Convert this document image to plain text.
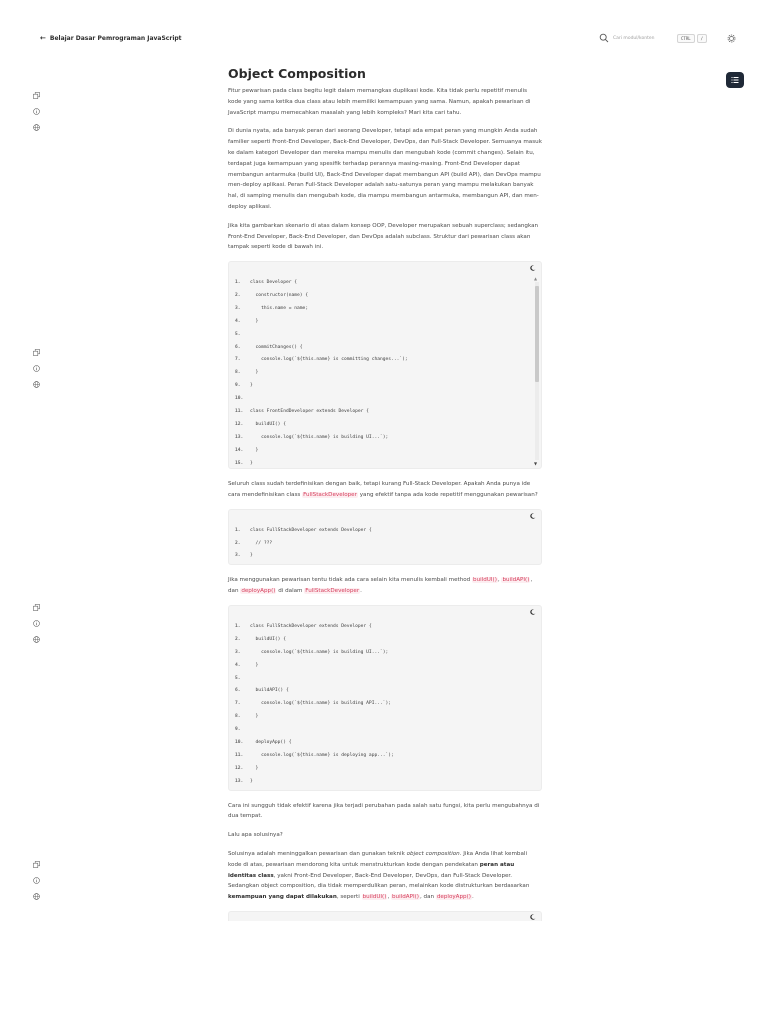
← Belajar Dasar Pemrograman JavaScript	Cari modul/konten	CTRL	/
Object Composition

Fitur pewarisan pada class begitu legit dalam memangkas duplikasi kode. Kita tidak perlu repetitif menulis kode yang sama ketika dua class atau lebih memiliki kemampuan yang sama. Namun, apakah pewarisan di JavaScript mampu memecahkan masalah yang lebih kompleks? Mari kita cari tahu.

Di dunia nyata, ada banyak peran dari seorang Developer, tetapi ada empat peran yang mungkin Anda sudah familier seperti Front-End Developer, Back-End Developer, DevOps, dan Full-Stack Developer. Semuanya masuk ke dalam kategori Developer dan mereka mampu menulis dan mengubah kode (commit changes). Selain itu, terdapat juga kemampuan yang spesifik terhadap perannya masing-masing. Front-End Developer dapat membangun antarmuka (build UI), Back-End Developer dapat membangun API (build API), dan DevOps mampu men-deploy aplikasi. Peran Full-Stack Developer adalah satu-satunya peran yang mampu melakukan banyak hal, di samping menulis dan mengubah kode, dia mampu membangun antarmuka, membangun API, dan men-deploy aplikasi.

Jika kita gambarkan skenario di atas dalam konsep OOP, Developer merupakan sebuah superclass; sedangkan Front-End Developer, Back-End Developer, dan DevOps adalah subclass. Struktur dari pewarisan class akan tampak seperti kode di bawah ini.

1.	class Developer {
2.	constructor(name) {
3.	this.name = name;
4.	}
5.
6.	commitChanges() {
7.	console.log(`${this.name} is committing changes...`);
8.	}
9.	}
10.
11.	class FrontEndDeveloper extends Developer {
12.	buildUI() {
13.	console.log(`${this.name} is building UI...`);
14.	}
15.	}
▲
▼

Seluruh class sudah terdefinisikan dengan baik, tetapi kurang Full-Stack Developer. Apakah Anda punya ide cara mendefinisikan class FullStackDeveloper yang efektif tanpa ada kode repetitif menggunakan pewarisan?

1.	class FullStackDeveloper extends Developer {
2.	// ???
3.	}

Jika menggunakan pewarisan tentu tidak ada cara selain kita menulis kembali method buildUI(), buildAPI(), dan deployApp() di dalam FullStackDeveloper.

1.	class FullStackDeveloper extends Developer {
2.	buildUI() {
3.	console.log(`${this.name} is building UI...`);
4.	}
5.
6.	buildAPI() {
7.	console.log(`${this.name} is building API...`);
8.	}
9.
10.	deployApp() {
11.	console.log(`${this.name} is deploying app...`);
12.	}
13.	}

Cara ini sungguh tidak efektif karena jika terjadi perubahan pada salah satu fungsi, kita perlu mengubahnya di dua tempat.

Lalu apa solusinya?

Solusinya adalah meninggalkan pewarisan dan gunakan teknik object composition. Jika Anda lihat kembali kode di atas, pewarisan mendorong kita untuk menstrukturkan kode dengan pendekatan peran atau identitas class, yakni Front-End Developer, Back-End Developer, DevOps, dan Full-Stack Developer. Sedangkan object composition, dia tidak memperdulikan peran, melainkan kode distrukturkan berdasarkan kemampuan yang dapat dilakukan, seperti buildUI(), buildAPI(), dan deployApp().
